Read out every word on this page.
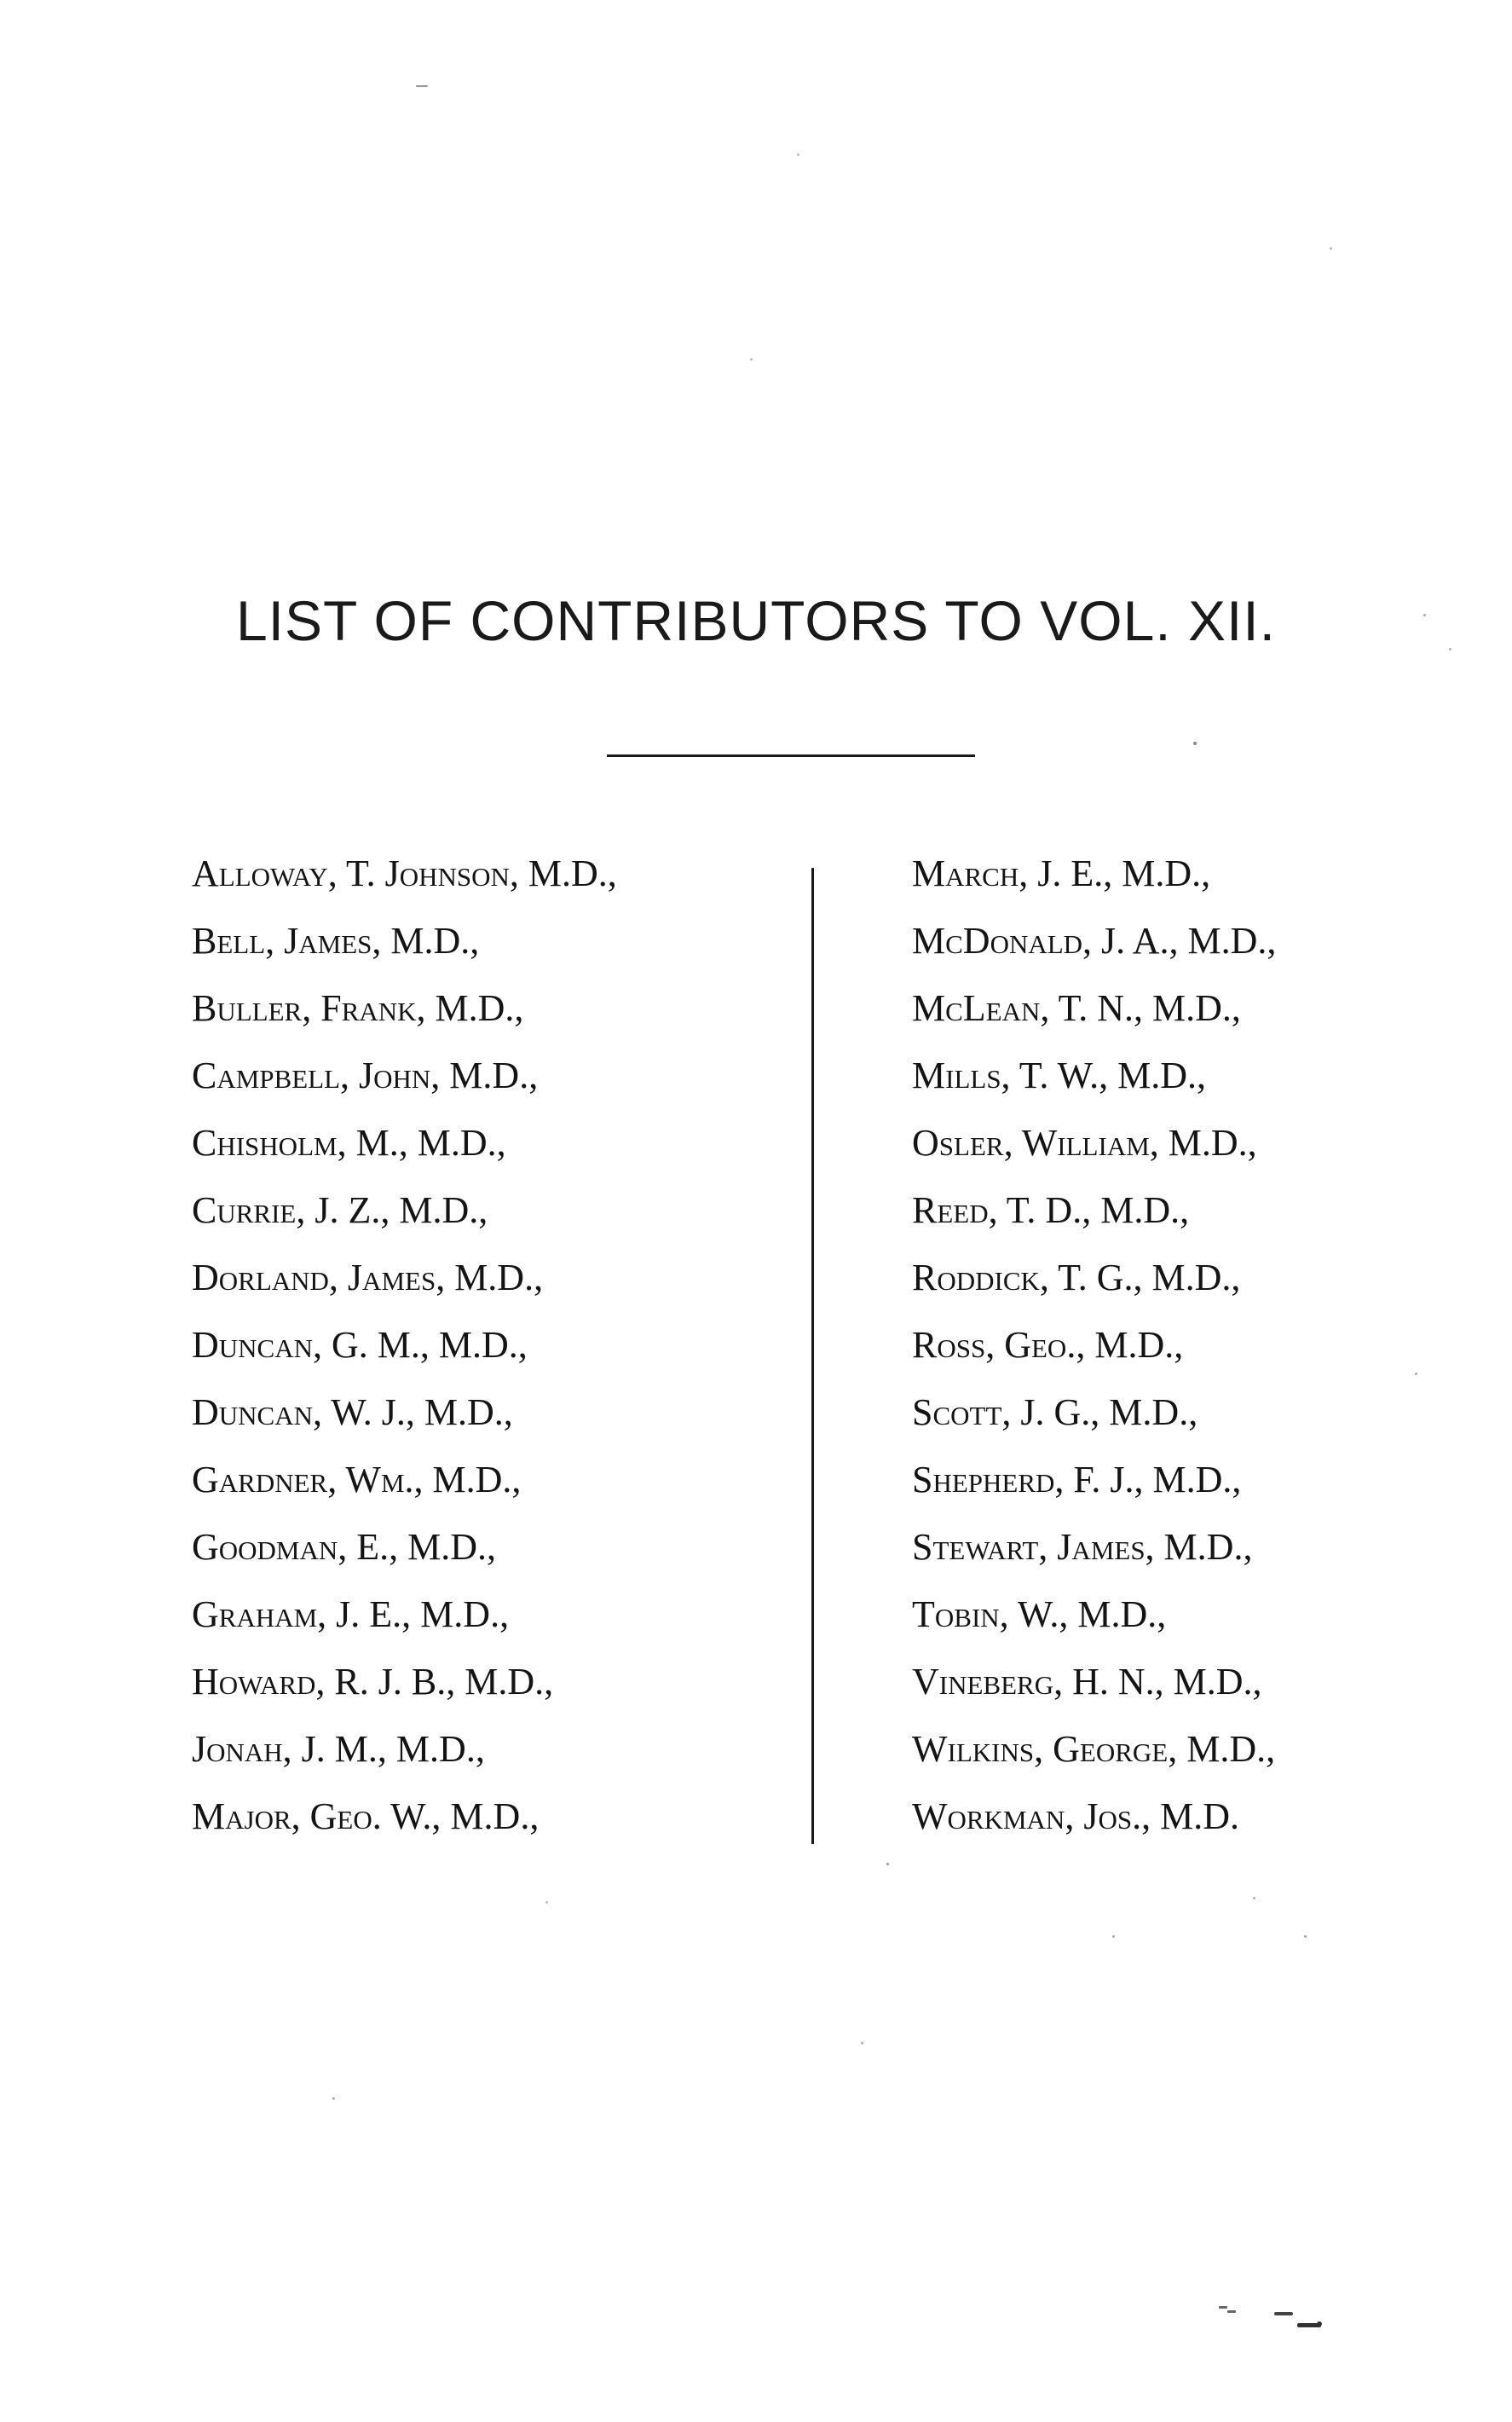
LIST OF CONTRIBUTORS TO VOL. XII.
Alloway, T. Johnson, M.D.,
Bell, James, M.D.,
Buller, Frank, M.D.,
Campbell, John, M.D.,
Chisholm, M., M.D.,
Currie, J. Z., M.D.,
Dorland, James, M.D.,
Duncan, G. M., M.D.,
Duncan, W. J., M.D.,
Gardner, Wm., M.D.,
Goodman, E., M.D.,
Graham, J. E., M.D.,
Howard, R. J. B., M.D.,
Jonah, J. M., M.D.,
Major, Geo. W., M.D.,
March, J. E., M.D.,
McDonald, J. A., M.D.,
McLean, T. N., M.D.,
Mills, T. W., M.D.,
Osler, William, M.D.,
Reed, T. D., M.D.,
Roddick, T. G., M.D.,
Ross, Geo., M.D.,
Scott, J. G., M.D.,
Shepherd, F. J., M.D.,
Stewart, James, M.D.,
Tobin, W., M.D.,
Vineberg, H. N., M.D.,
Wilkins, George, M.D.,
Workman, Jos., M.D.
